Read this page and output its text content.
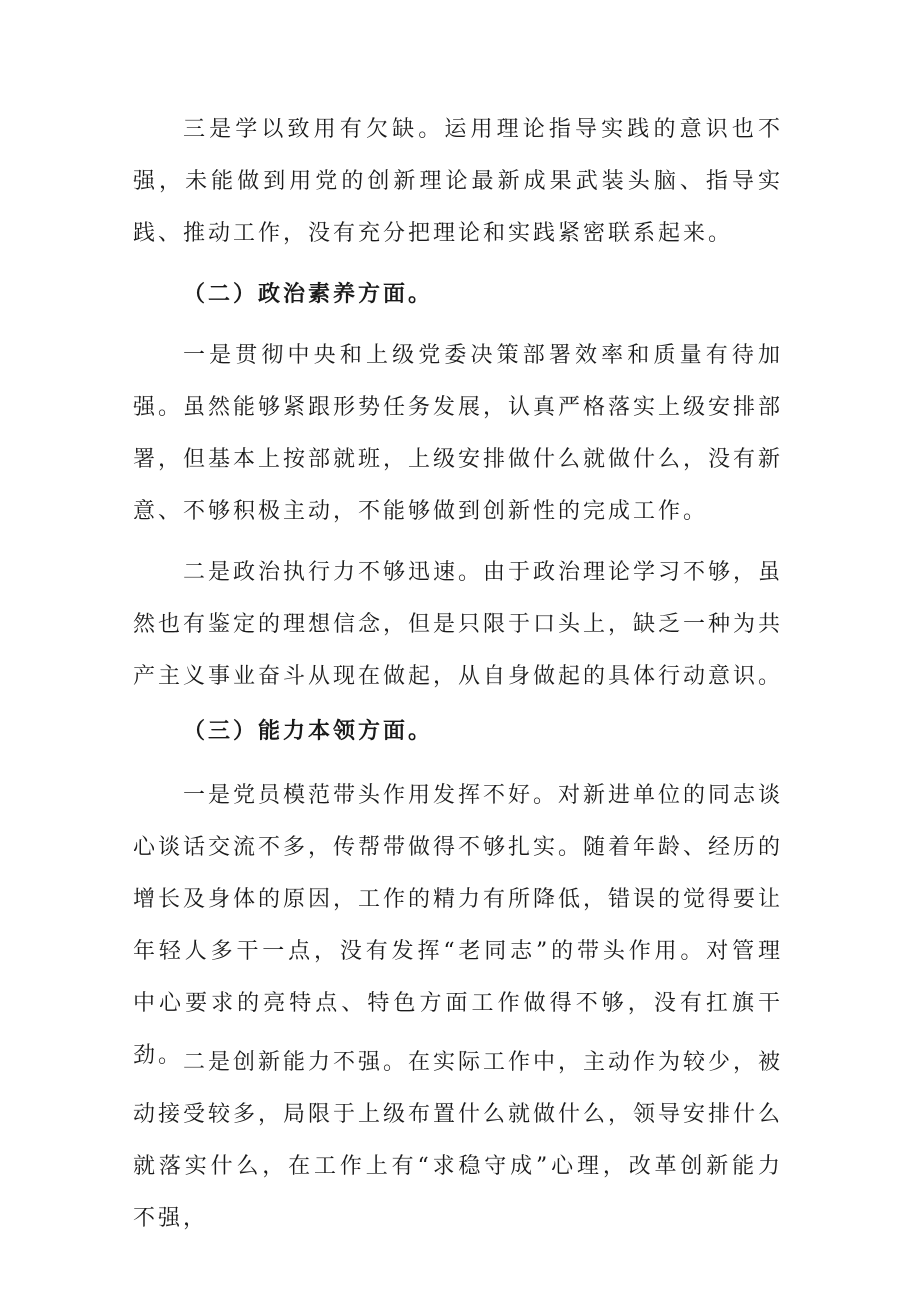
三是学以致用有欠缺。运用理论指导实践的意识也不强，未能做到用党的创新理论最新成果武装头脑、指导实践、推动工作，没有充分把理论和实践紧密联系起来。

（二）政治素养方面。

一是贯彻中央和上级党委决策部署效率和质量有待加强。虽然能够紧跟形势任务发展，认真严格落实上级安排部署，但基本上按部就班，上级安排做什么就做什么，没有新意、不够积极主动，不能够做到创新性的完成工作。

二是政治执行力不够迅速。由于政治理论学习不够，虽然也有鉴定的理想信念，但是只限于口头上，缺乏一种为共产主义事业奋斗从现在做起，从自身做起的具体行动意识。

（三）能力本领方面。

一是党员模范带头作用发挥不好。对新进单位的同志谈心谈话交流不多，传帮带做得不够扎实。随着年龄、经历的增长及身体的原因，工作的精力有所降低，错误的觉得要让年轻人多干一点，没有发挥“老同志”的带头作用。对管理中心要求的亮特点、特色方面工作做得不够，没有扛旗干劲。 二是创新能力不强。在实际工作中，主动作为较少，被动接受较多，局限于上级布置什么就做什么，领导安排什么就落实什么，在工作上有“求稳守成”心理，改革创新能力不强，
